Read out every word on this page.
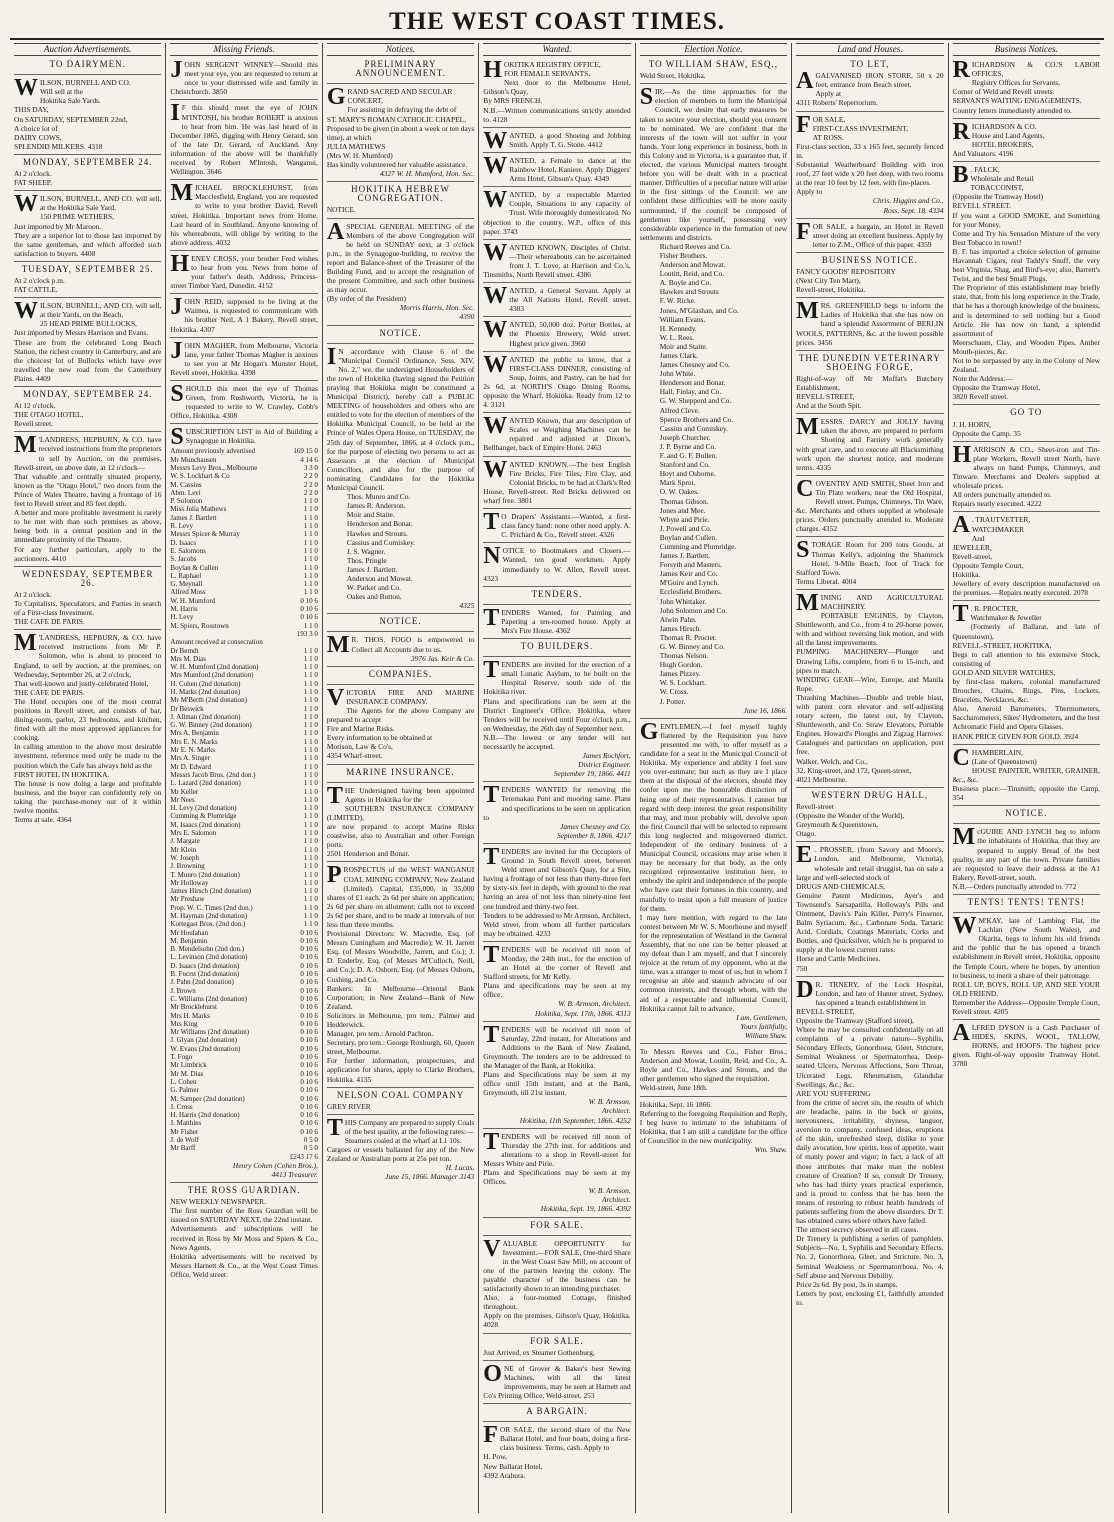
THE WEST COAST TIMES.
Auction Advertisements.
TO DAIRYMEN.
WILSON, BURNELL AND CO.
Will sell at the
Hokitika Sale Yards.
THIS DAY,
On SATURDAY, SEPTEMBER 22nd,
A choice lot of
DAIRY COWS,
SPLENDID MILKERS. 4318
MONDAY, SEPTEMBER 24.
At 2 o'clock.
FAT SHEEP.
WILSON, BURNELL, AND CO. will sell, at the Hokitika Sale Yard,
150 PRIME WETHERS,
Just imported by Mr Maroon.
They are a superior lot to those last imported by the same gentleman, and which afforded such satisfaction to buyers. 4408
TUESDAY, SEPTEMBER 25.
At 2 o'clock p.m.
FAT CATTLE.
WILSON, BURNELL, AND CO. will sell, at their Yards, on the Beach,
25 HEAD PRIME BULLOCKS,
Just imported by Messrs Harrison and Evans.
These are from the celebrated Long Beach Station, the richest country in Canterbury, and are the choicest lot of Bullocks which have ever travelled the new road from the Canterbury Plains. 4409
MONDAY, SEPTEMBER 24.
At 12 o'clock,
THE OTAGO HOTEL,
Revell street.
M 'LANDRESS, HEPBURN, & CO. have received instructions from the proprietors to sell by Auction, on the premises, Revell-street, on above date, at 12 o'clock—
That valuable and centrally situated property, known as the "Otago Hotel," two doors from the Prince of Wales Theatre, having a frontage of 16 feet to Revell street and 85 feet depth.
A better and more profitable investment is rarely to be met with than such premises as above, being both in a central position and in the immediate proximity of the Theatre.
For any further particulars, apply to the auctioneers. 4410
WEDNESDAY, SEPTEMBER 26.
At 2 o'clock.
To Capitalists, Speculators, and Parties in search of a First-class Investment.
THE CAFE DE PARIS.
M 'LANDRESS, HEPBURN, & CO. have received instructions from Mr P. Solomon, who is about to proceed to England, to sell by auction, at the premises, on Wednesday, September 26, at 2 o'clock,
That well-known and justly-celebrated Hotel,
THE CAFE DE PARIS.
The Hotel occupies one of the most central positions in Revell street, and consists of bar, dining-room, parlor, 23 bedrooms, and kitchen, fitted with all the most approved appliances for cooking.
In calling attention to the above most desirable investment, reference need only be made to the position which the Cafe has always held as the
FIRST HOTEL IN HOKITIKA.
The house is now doing a large and profitable business, and the buyer can confidently rely on taking the purchase-money out of it within twelve months.
Terms at sale. 4364
Missing Friends.
JOHN SERGENT WINNEY—Should this meet your eye, you are requested to return at once to your distressed wife and family in Christchurch. 3850
I F this should meet the eye of JOHN M'INTOSH, his brother ROBERT is anxious to hear from him. He was last heard of in December 1865, digging with Henry Gerard, son of the late Dr. Gerard, of Auckland. Any information of the above will be thankfully received by Robert M'Intosh, Wanganui, Wellington. 3646
MICHAEL BROCKLEHURST, from Macclesfield, England, you are requested to write to your brother David, Revell street, Hokitika. Important news from Home. Last heard of in Southland. Anyone knowing of his whereabouts, will oblige by writing to the above address. 4032
HENEY CROSS, your brother Fred wishes to hear from you. News from home of your father's death. Address, Princess-street Timber Yard, Dunedin. 4152
JOHN REID, supposed to be living at the Waimea, is requested to communicate with his brother Neil, A 1 Bakery, Revell street, Hokitika. 4307
JOHN MAGHER, from Melbourne, Victoria lane, your father Thomas Magher is anxious to see you at Mr Hogan's Munster Hotel, Revell street, Hokitika. 4398
SHOULD this meet the eye of Thomas Green, from Rushworth, Victoria, he is requested to write to W. Crawley, Cobb's Office, Hokitika. 4308
SUBSCRIPTION LIST in Aid of Building a Synagogue in Hokitika.
Amount previously advertised	169 15 0
Mr Munchausen	4 14 6
Messrs Levy Bros., Melbourne	3 3 0
W. S. Lockhart & Co	2 2 0
M. Cassius	2 2 0
Abm. Levi	2 2 0
P. Solomon	1 1 0
Miss Julia Mathews	1 1 0
James J. Bartlett	1 1 0
R. Levy	1 1 0
Messrs Spicer & Murray	1 1 0
D. Isaacs	1 1 0
E. Salomons	1 1 0
S. Jacobs	1 1 0
Boylan & Cullen	1 1 0
L. Raphael	1 1 0
G. Meynall	1 1 0
Alfred Moss	1 1 0
W. H. Mumford	0 10 6
M. Harris	0 10 6
H. Levy	0 10 6
M. Spiers, Rosstown	1 1 0
	193 3 0
Amount received at consecration	
Dr Berndt	1 1 0
Mrs M. Dias	1 1 0
W. H. Mumford (2nd donation)	1 1 0
Mrs Mumford (2nd donation)	1 1 0
H. Cohen (2nd donation)	1 1 0
H. Marks (2nd donation)	1 1 0
Mr M'Berth (2nd donation)	1 1 0
Dr Beswick	1 1 0
J. Allman (2nd donation)	1 1 0
G. W. Binney (2nd donation)	1 1 0
Mrs A. Benjamin	1 1 0
Mrs E. N. Marks	1 1 0
Mr E. N. Marks	1 1 0
Mrs A. Singer	1 1 0
Mr D. Edward	1 1 0
Messrs Jacob Bros. (2nd don.)	1 1 0
L. Lazard (2nd donation)	1 1 0
Mr Keller	1 1 0
Mr Nees	1 1 0
H. Levy (2nd donation)	1 1 0
Cumming & Plumridge	1 1 0
M. Isaacs (2nd donation)	1 1 0
Mrs E. Salomon	1 1 0
J. Margate	1 1 0
Mr Klein	1 1 0
W. Joseph	1 1 0
J. Browning	1 1 0
T. Munro (2nd donation)	1 1 0
Mr Holloway	1 1 0
James Hirsch (2nd donation)	1 1 0
Mr Preshaw	1 1 0
Prop. W. C. Times (2nd don.)	1 1 0
M. Hayman (2nd donation)	1 1 0
Kortegast Bros. (2nd don.)	1 1 0
Mr Houlahan	0 10 6
M. Benjamin	0 10 6
B. Mendelsohn (2nd don.)	0 10 6
L. Levinson (2nd donation)	0 10 6
D. Isaacs (2nd donation)	0 10 6
B. Fucrst (2nd donation)	0 10 6
J. Pahn (2nd donation)	0 10 6
J. Brown	0 10 6
C. Williams (2nd donation)	0 10 6
Mr Brocklehurst	0 10 6
Mrs H. Marks	0 10 6
Mrs King	0 10 6
Mr Williams (2nd donation)	0 10 6
J. Glyan (2nd donation)	0 10 6
W. Evans (2nd donation)	0 10 6
T. Fogo	0 10 6
Mr Limbrick	0 10 6
Mr M. Dias	0 10 6
L. Cohen	0 10 6
G. Palmer	0 10 6
M. Samper (2nd donation)	0 10 6
J. Cross	0 10 6
H. Harris (2nd donation)	0 10 6
J. Matthies	0 10 6
Mr Fisher	0 10 6
J. de Wolf	0 5 0
Mr Barff	0 5 0
	£243 17 6
Henry Cohen (Cohen Bros.),
4413 Treasurer.
THE ROSS GUARDIAN.
NEW WEEKLY NEWSPAPER.
The first number of the Ross Guardian will be issued on SATURDAY NEXT, the 22nd instant.
Advertisements and subscriptions will be received in Ross by Mr Moss and Spiers & Co., News Agents.
Hokitika advertisements will be received by Messrs Harnett & Co., at the West Coast Times Office, Weld street.
Notices.
PRELIMINARY ANNOUNCEMENT.
GRAND SACRED AND SECULAR
CONCERT,
For assisting in defraying the debt of
ST. MARY'S ROMAN CATHOLIC CHAPEL,
Proposed to be given (in about a week or ten days time), at which
JULIA MATHEWS
(Mrs W. H. Mumford)
Has kindly volunteered her valuable assistance.
4327 W. H. Mumford, Hon. Sec.
HOKITIKA HEBREW CONGREGATION.
NOTICE.
A SPECIAL GENERAL MEETING of the Members of the above Congregation will be held on SUNDAY next, at 3 o'clock p.m., in the Synagogue-building, to receive the report and Balance-sheet of the Treasurer of the Building Fund, and to accept the resignation of the present Committee, and such other business as may occur.
(By order of the President)
Morris Harris, Hon. Sec.
4390
NOTICE.
I N accordance with Clause 6 of the "Municipal Council Ordinance, Sess. XIV, No. 2," we, the undersigned Householders of the town of Hokitika (having signed the Petition praying that Hokitika might be constituted a Municipal District), hereby call a PUBLIC MEETING of householders and others who are entitled to vote for the election of members of the Hokitika Municipal Council, to be held at the Prince of Wales Opera House, on TUESDAY, the 25th day of September, 1866, at 4 o'clock p.m., for the purpose of electing two persons to act as Assessors at the election of Municipal Councillors, and also for the purpose of nominating Candidates for the Hokitika Municipal Council.
Thos. Munro and Co.
James R. Anderson.
Moir and Staite.
Henderson and Bonar.
Hawkes and Strouts.
Cassius and Comiskey.
J. S. Wagner.
Thos. Pringle
James J. Bartlett.
Anderson and Mowat.
W. Parker and Co.
Oakes and Button.
4325
NOTICE.
M R. THOS. FOGO is empowered to Collect all Accounts due to us.
3976 Jas. Keir & Co.
COMPANIES.
VICTORIA FIRE AND MARINE INSURANCE COMPANY.
The Agents for the above Company are prepared to accept
Fire and Marine Risks.
Every information to be obtained at
Morison, Law & Co's,
4354 Wharf-street.
MARINE INSURANCE.
THE Undersigned having been appointed Agents in Hokitika for the
SOUTHERN INSURANCE COMPANY (LIMITED),
are now prepared to accept Marine Risks coastwise, also to Australian and other Foreign ports.
2501 Henderson and Bonar.
PROSPECTUS of the WEST WANGANUI COAL MINING COMPANY, New Zealand (Limited). Capital, £35,000, in 35,000 shares of £1 each. 2s 6d per share on application; 2s 6d per share on allotment; calls not to exceed 2s 6d per share, and to be made at intervals of not less than three months.
Provisional Directors: W. Macredie, Esq. (of Messrs Cuningham and Macredie); W. H. Jarrett Esq. (of Messrs Woodville, Jarrett, and Co.); J. D. Enderby, Esq. (of Messrs M'Culloch, Neill, and Co.); D. A. Osborn, Esq. (of Messrs Osborn, Cushing, and Co.
Bankers: In Melbourne—Oriental Bank Corporation; in New Zealand—Bank of New Zealand.
Solicitors in Melbourne, pro tem.: Palmer and Hedderwick.
Manager, pro tem.: Arnold Pachton.
Secretary, pro tem.: George Roxburgh, 60, Queen street, Melbourne.
For further information, prospectuses, and application for shares, apply to Clarke Brothers, Hokitika. 4135
NELSON COAL COMPANY
GREY RIVER
THIS Company are prepared to supply Coals of the best quality, at the following rates:—
Steamers coaled at the wharf at L1 10s.
Cargoes or vessels ballasted for any of the New Zealand or Australian ports at 25s per ton.
H. Lucas,
June 15, 1866. Manager 3143
Wanted.
HOKITIKA REGISTRY OFFICE,
FOR FEMALE SERVANTS,
Next door to the Melbourne Hotel, Gibson's Quay,
By MRS FRENCH.
N.B.—Written communications strictly attended to. 4128
WANTED, a good Shoeing and Jobbing Smith. Apply T. G. Stone. 4412
WANTED, a Female to dance at the Rainbow Hotel, Kaniere. Apply Diggers' Arms Hotel, Gibson's Quay. 4349
WANTED, by a respectable Married Couple, Situations in any capacity of Trust. Wife thoroughly domesticated. No objection to the country. W.P., office of this paper. 3743
WANTED KNOWN, Disciples of Christ.—Their whereabouts can be ascertained from J. T. Love, at Harrison and Co.'s, Tinsmiths, North Revell street. 4386
WANTED, a General Servant. Apply at the All Nations Hotel, Revell street. 4383
WANTED, 50,000 doz. Porter Bottles, at the Phoenix Brewery, Weld street. Highest price given. 3960
WANTED the public to know, that a FIRST-CLASS DINNER, consisting of Soup, Joints, and Pastry, can be had for 2s 6d, at NORTH'S Otago Dining Rooms, opposite the Wharf, Hokitika. Ready from 12 to 4. 3121
WANTED Known, that any description of Scales or Weighing Machines can be repaired and adjusted at Dixon's, Bellhanger, back of Empire Hotel. 2463
WANTED KNOWN.—The best English Fire Bricks, Fire Tiles, Fire Clay, and Colonial Bricks, to be had at Clark's Red House, Revell-street. Red Bricks delivered on wharf free. 3801
T O Drapers' Assistants.—Wanted, a first-class fancy hand: none other need apply. A. C. Prichard & Co., Revell street. 4326
NOTICE to Bootmakers and Closers.—Wanted, ten good workmen. Apply immediately to W. Allen, Revell street. 4323
TENDERS.
TENDERS Wanted, for Painting and Papering a ten-roomed house. Apply at Mrs's Fire House. 4362
TO BUILDERS.
TENDERS are invited for the erection of a small Lunatic Asylum, to be built on the Hospital Reserve, south side of the Hokitika river.
Plans and specifications can be seen at the District Engineer's Office, Hokitika, where Tenders will be received until Four o'clock p.m., on Wednesday, the 26th day of September next.
N.B.—The lowest or any tender will not necessarily be accepted.
James Rochfort,
District Engineer.
September 19, 1866. 4411
TENDERS WANTED for removing the Teremakau Punt and mooring same. Plans and specifications to be seen on application to
James Chesney and Co.
September 8, 1866. 4217
TENDERS are invited for the Occupiers of Ground in South Revell street, between Weld street and Gibson's Quay, for a Site, having a frontage of not less than thirty-three feet by sixty-six feet in depth, with ground to the rear having an area of not less than ninety-nine feet one hundred and thirty-two feet.
Tenders to be addressed to Mr Armson, Architect, Weld street, from whom all further particulars may be obtained. 4233
TENDERS will be received till noon of Monday, the 24th inst., for the erection of an Hotel at the corner of Revell and Stafford streets, for Mr Kelly.
Plans and specifications may be seen at my office.
W. B. Armson, Architect.
Hokitika, Sept. 17th, 1866. 4313
TENDERS will be received till noon of Saturday, 22nd instant, for Alterations and Additions to the Bank of New Zealand, Greymouth. The tenders are to be addressed to the Manager of the Bank, at Hokitika.
Plans and Specifications may be seen at my office until 15th instant, and at the Bank, Greymouth, till 21st instant.
W. B. Armson,
Architect.
Hokitika, 11th September, 1866. 4252
TENDERS will be received till noon of Thursday the 27th inst. for additions and alterations to a shop in Revell-street for Messrs White and Pirie.
Plans and Specifications may be seen at my Offices.
W. B. Armson,
Architect.
Hokitika, Sept. 19, 1866. 4392
FOR SALE.
VALUABLE OPPORTUNITY for Investment.—FOR SALE, One-third Share in the West Coast Saw Mill, on account of one of the partners leaving the colony. The payable character of the business can be satisfactorily shown to an intending purchaser.
Also, a four-roomed Cottage, finished throughout.
Apply on the premises, Gibson's Quay, Hokitika. 4028
FOR SALE.
Just Arrived, ex Steamer Gothenburg,
ONE of Grover & Baker's best Sewing Machines, with all the latest improvements, may be seen at Harnett and Co's Printing Office, Weld-street. 253
A BARGAIN.
FOR SALE, the second share of the New Ballarat Hotel, and four boats, doing a first-class business. Terms, cash. Apply to
H. Pow,
New Ballarat Hotel,
4392 Arahura.
Election Notice.
TO WILLIAM SHAW, ESQ.,
Weld Street, Hokitika.
SIR,—As the time approaches for the election of members to form the Municipal Council, we desire that early measures be taken to secure your election, should you consent to be nominated. We are confident that the interests of the town will not suffer in your hands. Your long experience in business, both in this Colony and in Victoria, is a guarantee that, if elected, the various Municipal matters brought before you will be dealt with in a practical manner. Difficulties of a peculiar nature will arise in the first sittings of the Council: we are confident these difficulties will be more easily surmounted, if the council be composed of gentlemen like yourself, possessing very considerable experience in the formation of new settlements and districts.
Richard Reeves and Co.
Fisher Brothers.
Anderson and Mowat.
Loutitt, Reid, and Co.
A. Boyle and Co.
Hawkes and Strouts
F. W. Ricke.
Jones, M'Glashan, and Co.
William Evans.
H. Kennedy.
W. L. Rees.
Moir and Staite.
James Clark.
James Chesney and Co.
John White.
Henderson and Bonar.
Hall, Finlay, and Co.
G. W. Shepperd and Co.
Alfred Cleve.
Spence Brothers and Co.
Cassius and Comiskey.
Joseph Churcher.
J. P. Byrne and Co.
F. and G. F. Bullen.
Stanford and Co.
Hoyt and Osborne.
Mark Sprot.
O. W. Oakes.
Thomas Gibson.
Jones and Mee.
Whyte and Pirie.
J. Powell and Co.
Boylan and Cullen.
Cumming and Plumridge.
James J. Bartlett.
Forsyth and Masters.
James Keir and Co.
M'Guire and Lynch.
Ecclesfield Brothers.
John Whittaker.
John Solomon and Co.
Alwin Pahn.
James Hirsch.
Thomas R. Procter.
G. W. Binney and Co.
Thomas Nelson.
Hugh Gordon.
James Pizzey.
W. S. Lockhart.
W. Cross.
J. Potter.
June 16, 1866.
GENTLEMEN,—I feel myself highly flattered by the Requisition you have presented me with, to offer myself as a candidate for a seat in the Municipal Council of Hokitika. My experience and ability I feel sure you over-estimate; but such as they are I place them at the disposal of the electors, should they confer upon me the honorable distinction of being one of their representatives. I cannot but regard with deep interest the great responsibility that may, and most probably will, devolve upon the first Council that will be selected to represent this long neglected and misgoverned district. Independent of the ordinary business of a Municipal Council, occasions may arise when it may be necessary for that body, as the only recognized representative institution here, to embody the spirit and independence of the people who have cast their fortunes in this country, and manfully to insist upon a full measure of justice for them.
I may here mention, with regard to the late contest between Mr W. S. Moorhouse and myself for the representation of Westland in the General Assembly, that no one can be better pleased at my defeat than I am myself, and that I sincerely rejoice at the return of my opponent, who at the time, was a stranger to most of us, but in whom I recognise an able and staunch advocate of our common interests, and through whom, with the aid of a respectable and influential Council, Hokitika cannot fail to advance.
I am, Gentlemen,
Yours faithfully,
William Shaw.
To Messrs Reeves and Co., Fisher Bros., Anderson and Mowat, Loutitt, Reid, and Co., A. Boyle and Co., Hawkes and Strouts, and the other gentlemen who signed the requisition.
Weld-street, June 18th.
Hokitika, Sept. 16 1866.
Referring to the foregoing Requisition and Reply, I beg leave to intimate to the inhabitants of Hokitika, that I am still a candidate for the office of Councillor in the new municipality.
Wm. Shaw.
Land and Houses.
TO LET,
A GALVANISED IRON STORE, 50 x 20 feet, entrance from Beach street.
Apply at
4311 Roberts' Repertorium.
FOR SALE,
FIRST-CLASS INVESTMENT,
AT ROSS.
First-class section, 33 x 165 feet, securely fenced in.
Substantial Weatherboard Building with iron roof, 27 feet wide x 20 feet deep, with two rooms at the rear 10 feet by 12 feet, with fire-places.
Apply to
Chris. Higgins and Co.,
Ross, Sept. 18. 4334
FOR SALE, a bargain, an Hotel in Revell street doing an excellent business. Apply by letter to Z.M., Office of this paper. 4359
BUSINESS NOTICE.
FANCY GOODS' REPOSITORY
(Next City Ten Mart),
Revell-street, Hokitika.
MRS. GREENFIELD begs to inform the Ladies of Hokitika that she has now on hand a splendid Assortment of BERLIN WOOLS, PATTERNS, &c. at the lowest possible prices. 3456
THE DUNEDIN VETERINARY SHOEING FORGE,
Right-of-way off Mr Moffat's Butchery Establishment,
REVELL STREET,
And at the South Spit.
MESSRS. DARCY and JOLLY having taken the above, are prepared to perform Shoeing and Farriery work generally with great care, and to execute all Blacksmithing work upon the shortest notice, and moderate terms. 4335
COVENTRY AND SMITH, Sheet Iron and Tin Plate workers, near the Old Hospital, Revell street. Pumps, Chimneys, Tin Ware, &c. Merchants and others supplied at wholesale prices. Orders punctually attended to. Moderate charges. 4352
STORAGE Room for 200 tons Goods, at Thomas Kelly's, adjoining the Shamrock Hotel, 9-Mile Beach, foot of Track for Stafford Town.
Terms Liberal. 4004
MINING AND AGRICULTURAL MACHINERY.
PORTABLE ENGINES, by Clayton, Shuttleworth, and Co., from 4 to 20-horse power, with and without reversing link motion, and with all the latest improvements.
PUMPING MACHINERY—Plunger and Drawing Lifts, complete, from 6 to 15-inch, and pipes to match.
WINDING GEAR—Wire, Europe, and Manila Rope.
Thrashing Machines—Double and treble blast, with patent corn elevator and self-adjusting rotary screen, the latest out, by Clayton, Shuttleworth, and Co. Straw Elevators, Portable Engines. Howard's Ploughs and Zigzag Harrows. Catalogues and particulars on application, post free.
Walker, Welch, and Co.,
32, King-street, and 172, Queen-street,
4021 Melbourne.
WESTERN DRUG HALL,
Revell-street
(Opposite the Wonder of the World),
Greymouth & Queenstown,
Otago.
E . PROSSER, (from Savory and Moore's, London, and Melbourne, Victoria), wholesale and retail druggist, has on sale a large and well-selected stock of
DRUGS AND CHEMICALS,
Genuine Patent Medicines, Ayer's and Townsend's Sarsaparilla, Holloway's Pills and Ointment, Davis's Pain Killer, Perry's Finsener, Balm Syriacum, &c., Carbonate Soda, Tartaric Acid, Cordials, Coatings Materials, Corks and Bottles, and Quicksilver, which he is prepared to supply at the lowest current rates.
Horse and Cattle Medicines.
750
D R. TRNERY, of the Lock Hospital, London, and late of Hunter street, Sydney, has opened a branch establishment in
REVELL STREET,
Opposite the Tramway (Stafford street),
Where he may be consulted confidentially on all complaints of a private nature—Syphilis, Secondary Effects, Gonorrhoea, Gleet, Stricture, Seminal Weakness or Spermatorrhea, Deep-seated Ulcers, Nervous Affections, Sore Throat, Ulcerated Legs, Rheumatism, Glandular Swellings, &c., &c.
ARE YOU SUFFERING
from the crime of secret sin, the results of which are headache, pains in the back or groins, nervousness, irritability, shyness, languor, aversion to company, confused ideas, eruptions of the skin, unrefreshed sleep, dislike to your daily avocation, low spirits, loss of appetite, want of manly power and vigor; in fact, a lack of all those attributes that make man the noblest creature of Creation? If so, consult Dr Trenery, who has had thirty years practical experience, and is proud to confess that he has been the means of restoring to robust health hundreds of patients suffering from the above disorders. Dr T. has obtained cures where others have failed.
The utmost secrecy observed in all cases.
Dr Trenery is publishing a series of pamphlets. Subjects—No. 1, Syphilis and Secondary Effects. No. 2, Gonorrhoea, Gleet, and Stricture. No. 3, Seminal Weakness or Spermatorrhoea. No. 4, Self abuse and Nervous Debility.
Price 2s 6d. By post, 3s in stamps.
Letters by post, enclosing £1, faithfully attended to.
Business Notices.
RICHARDSON & CO.'S LABOR OFFICES,
Registry Offices for Servants,
Corner of Weld and Revell streets.
SERVANTS WAITING ENGAGEMENTS.
Country letters immediately attended to.
RICHARDSON & CO.
House and Land Agents,
HOTEL BROKERS,
And Valuators. 4196
B . FALCK,
Wholesale and Retail
TOBACCONIST,
(Opposite the Tramway Hotel)
REVELL STREET.
If you want a GOOD SMOKE, and Something for your Money,
Come and Try his Sensation Mixture of the very Best Tobacco in town!!
B. F. has imported a choice selection of genuine Havannah Cigars, real Taddy's Snuff, the very best Virginia, Shag, and Bird's-eye; also, Barrett's Twist, and the best Small Plugs.
The Proprietor of this establishment may briefly state, that, from his long experience in the Trade, that he has a thorough knowledge of the business, and is determined to sell nothing but a Good Article. He has now on hand, a splendid assortment of
Meerschaum, Clay, and Wooden Pipes, Amber Mouth-pieces, &c.
Not to be surpassed by any in the Colony of New Zealand.
Note the Address:—
Opposite the Tramway Hotel,
3820 Revell street.
GO TO
J. H. HORN,
Opposite the Camp. 35
HARRISON & CO., Sheet-iron and Tin-plate Workers, Revell street North, have always on hand Pumps, Chimneys, and Tinware. Merchants and Dealers supplied at wholesale prices.
All orders punctually attended to.
Repairs neatly executed. 4222
A . TRAUTVETTER,
WATCHMAKER
And
JEWELLER,
Revell-street,
Opposite Temple Court,
Hokitika.
Jewellery of every description manufactured on the premises.—Repairs neatly executed. 2078
T . R. PROCTER,
Watchmaker & Jeweller
(Formerly of Ballarat, and late of Queenstown),
REVELL-STREET, HOKITIKA,
Begs to call attention to his extensive Stock, consisting of
GOLD AND SILVER WATCHES,
by first-class makers, colonial manufactured Brooches, Chains, Rings, Pins, Lockets, Bracelets, Necklaces, &c.
Also, Aneroid Barometers, Thermometers, Saccharometers, Sikes' Hydrometers, and the best
Achromatic Field and Opera Glasses.
BANK PRICE GIVEN FOR GOLD. 3924
CHAMBERLAIN,
(Late of Queenstown)
HOUSE PAINTER, WRITER, GRAINER, &c., &c.
Business place:—Tinsmith, opposite the Camp. 354
NOTICE.
McGUIRE AND LYNCH beg to inform the inhabitants of Hokitika, that they are prepared to supply Bread of the best quality, in any part of the town. Private families are requested to leave their address at the A1 Bakery, Revell-street, south.
N.B.—Orders punctually attended to. 772
TENTS! TENTS! TENTS!
W M'KAY, late of Lambing Flat, the Lachlan (New South Wales), and Okarita, begs to inform his old friends and the public that he has opened a branch establishment in Revell street, Hokitika, opposite the Temple Court, where he hopes, by attention to business, to merit a share of their patronage.
ROLL UP, BOYS, ROLL UP, AND SEE YOUR OLD FRIEND.
Remember the Address—Opposite Temple Court, Revell street. 4205
ALFRED DYSON is a Cash Purchaser of HIDES, SKINS, WOOL, TALLOW, HORNS, and HOOFS. The highest price given. Right-of-way opposite Tramway Hotel. 3780
